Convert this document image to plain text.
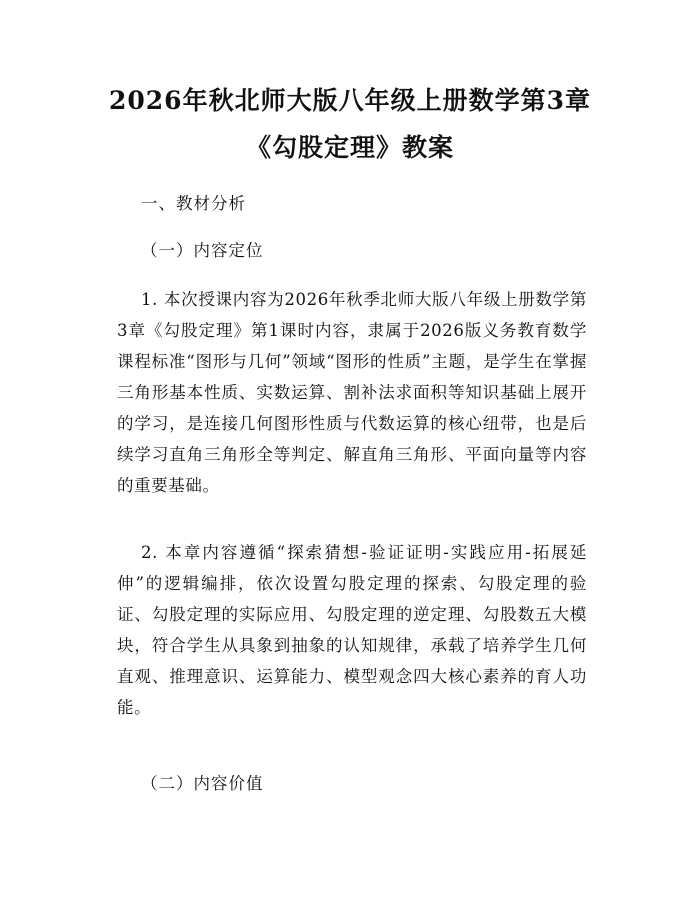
2026年秋北师大版八年级上册数学第3章
《勾股定理》教案
一、教材分析
（一）内容定位
1. 本次授课内容为2026年秋季北师大版八年级上册数学第3章《勾股定理》第1课时内容，隶属于2026版义务教育数学课程标准“图形与几何”领域“图形的性质”主题，是学生在掌握三角形基本性质、实数运算、割补法求面积等知识基础上展开的学习，是连接几何图形性质与代数运算的核心纽带，也是后续学习直角三角形全等判定、解直角三角形、平面向量等内容的重要基础。
2. 本章内容遵循“探索猜想-验证证明-实践应用-拓展延伸”的逻辑编排，依次设置勾股定理的探索、勾股定理的验证、勾股定理的实际应用、勾股定理的逆定理、勾股数五大模块，符合学生从具象到抽象的认知规律，承载了培养学生几何直观、推理意识、运算能力、模型观念四大核心素养的育人功能。
（二）内容价值
